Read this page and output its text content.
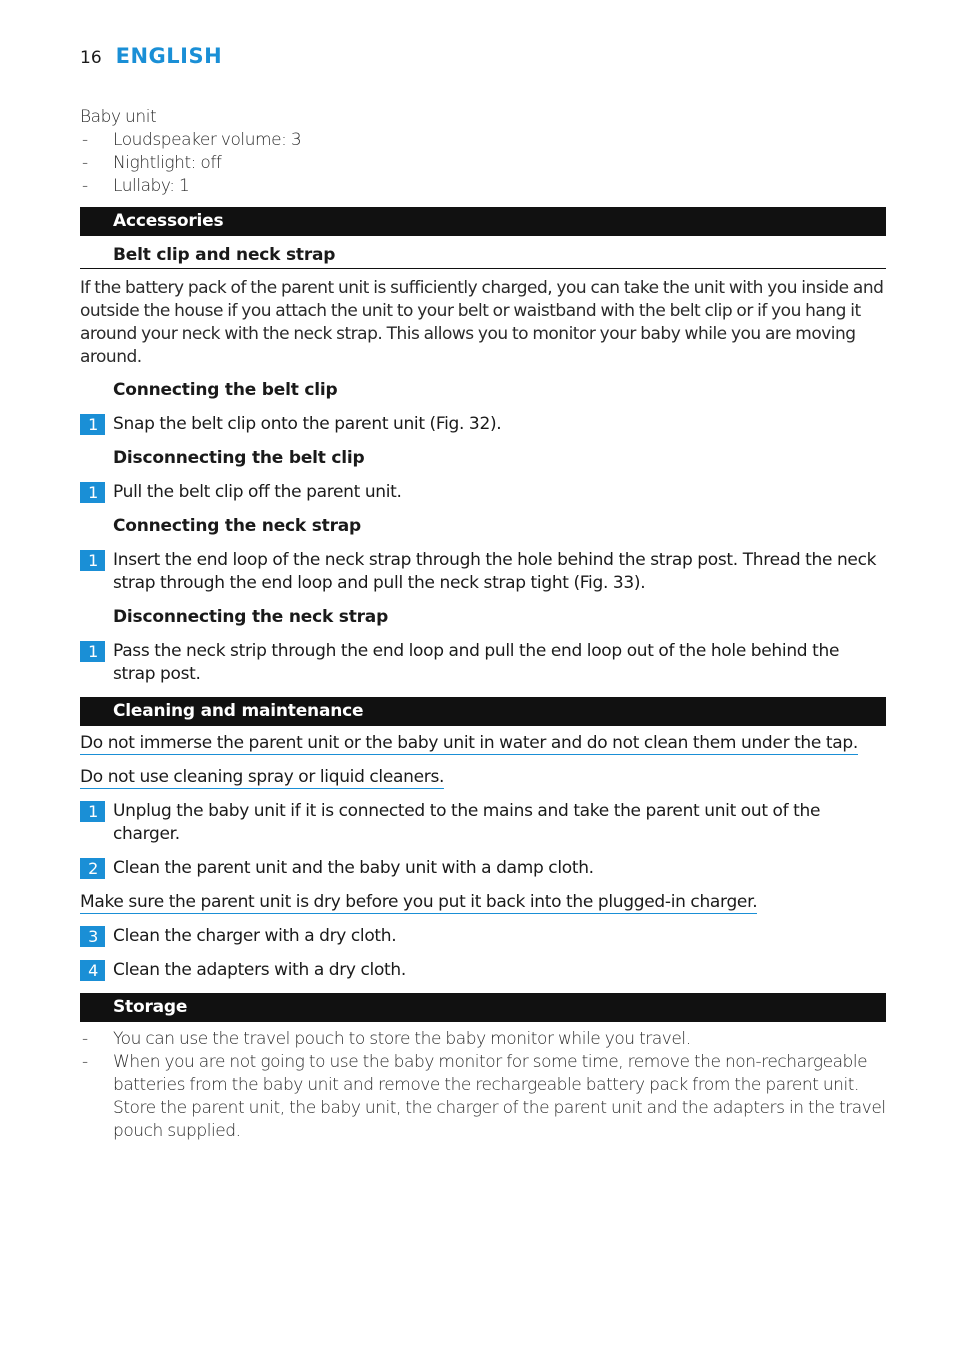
16 ENGLISH
Baby unit
-	Loudspeaker volume: 3
-	Nightlight: off
-	Lullaby: 1
Accessories
Belt clip and neck strap
If the battery pack of the parent unit is sufficiently charged, you can take the unit with you inside and outside the house if you attach the unit to your belt or waistband with the belt clip or if you hang it around your neck with the neck strap. This allows you to monitor your baby while you are moving around.
Connecting the belt clip
1 Snap the belt clip onto the parent unit (Fig. 32).
Disconnecting the belt clip
1 Pull the belt clip off the parent unit.
Connecting the neck strap
1 Insert the end loop of the neck strap through the hole behind the strap post. Thread the neck strap through the end loop and pull the neck strap tight (Fig. 33).
Disconnecting the neck strap
1 Pass the neck strip through the end loop and pull the end loop out of the hole behind the strap post.
Cleaning and maintenance
Do not immerse the parent unit or the baby unit in water and do not clean them under the tap.
Do not use cleaning spray or liquid cleaners.
1 Unplug the baby unit if it is connected to the mains and take the parent unit out of the charger.
2 Clean the parent unit and the baby unit with a damp cloth.
Make sure the parent unit is dry before you put it back into the plugged-in charger.
3 Clean the charger with a dry cloth.
4 Clean the adapters with a dry cloth.
Storage
-	You can use the travel pouch to store the baby monitor while you travel.
-	When you are not going to use the baby monitor for some time, remove the non-rechargeable batteries from the baby unit and remove the rechargeable battery pack from the parent unit. Store the parent unit, the baby unit, the charger of the parent unit and the adapters in the travel pouch supplied.
